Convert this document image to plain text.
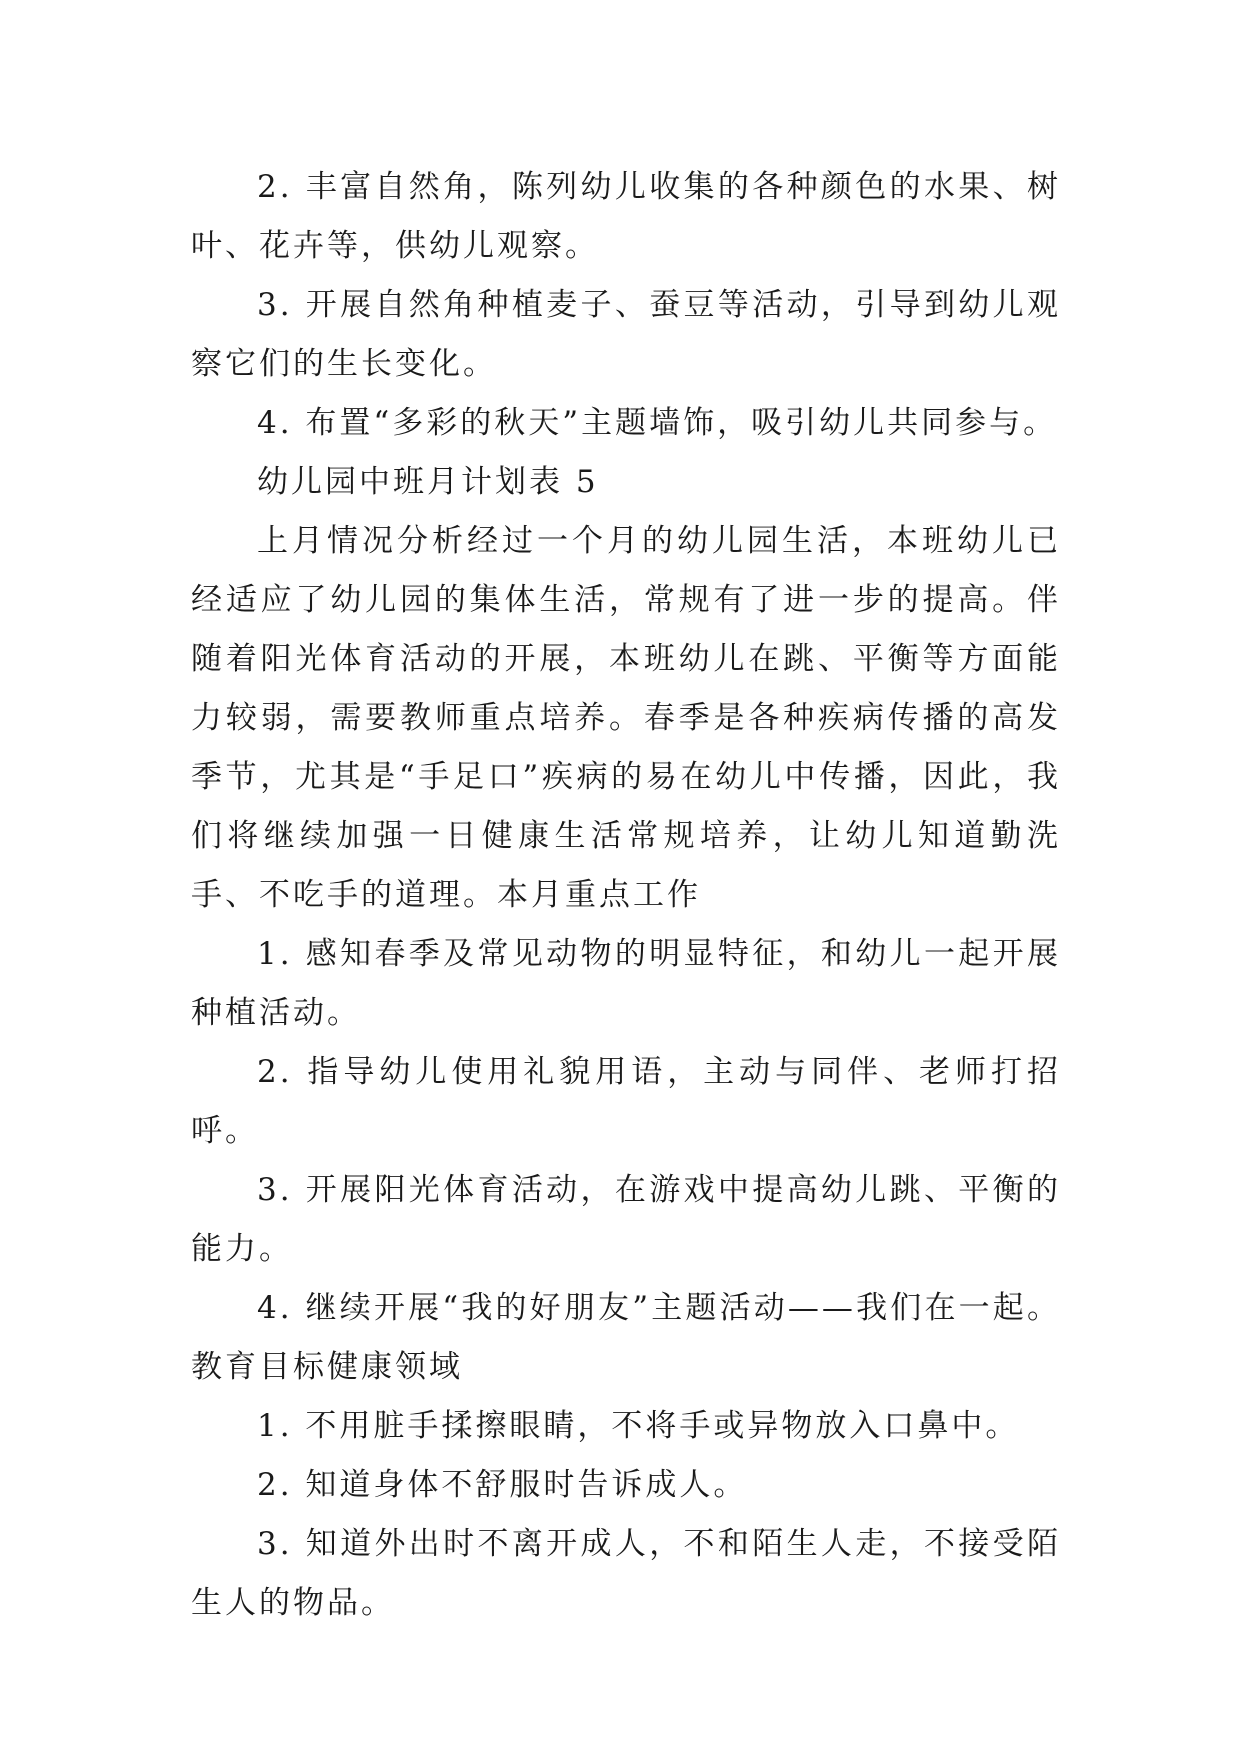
2. 丰富自然角，陈列幼儿收集的各种颜色的水果、树叶、花卉等，供幼儿观察。

3. 开展自然角种植麦子、蚕豆等活动，引导到幼儿观察它们的生长变化。

4. 布置“多彩的秋天”主题墙饰，吸引幼儿共同参与。

幼儿园中班月计划表 5

上月情况分析经过一个月的幼儿园生活，本班幼儿已经适应了幼儿园的集体生活，常规有了进一步的提高。伴随着阳光体育活动的开展，本班幼儿在跳、平衡等方面能力较弱，需要教师重点培养。春季是各种疾病传播的高发季节，尤其是“手足口”疾病的易在幼儿中传播，因此，我们将继续加强一日健康生活常规培养，让幼儿知道勤洗手、不吃手的道理。本月重点工作

1. 感知春季及常见动物的明显特征，和幼儿一起开展种植活动。

2. 指导幼儿使用礼貌用语，主动与同伴、老师打招呼。

3. 开展阳光体育活动，在游戏中提高幼儿跳、平衡的能力。

4. 继续开展“我的好朋友”主题活动——我们在一起。教育目标健康领域

1. 不用脏手揉擦眼睛，不将手或异物放入口鼻中。

2. 知道身体不舒服时告诉成人。

3. 知道外出时不离开成人，不和陌生人走，不接受陌生人的物品。
